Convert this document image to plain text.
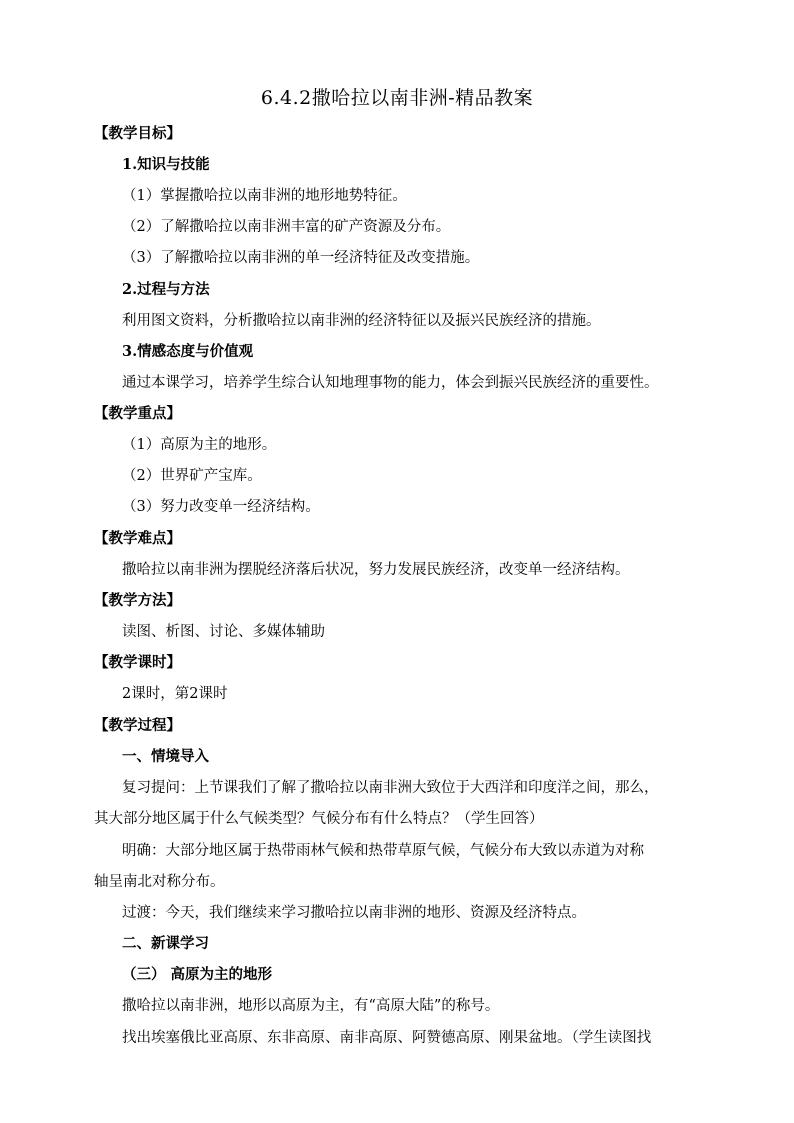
6.4.2撒哈拉以南非洲-精品教案
【教学目标】
1.知识与技能
（1）掌握撒哈拉以南非洲的地形地势特征。
（2）了解撒哈拉以南非洲丰富的矿产资源及分布。
（3）了解撒哈拉以南非洲的单一经济特征及改变措施。
2.过程与方法
利用图文资料，分析撒哈拉以南非洲的经济特征以及振兴民族经济的措施。
3.情感态度与价值观
通过本课学习，培养学生综合认知地理事物的能力，体会到振兴民族经济的重要性。
【教学重点】
（1）高原为主的地形。
（2）世界矿产宝库。
（3）努力改变单一经济结构。
【教学难点】
撒哈拉以南非洲为摆脱经济落后状况，努力发展民族经济，改变单一经济结构。
【教学方法】
读图、析图、讨论、多媒体辅助
【教学课时】
2课时，第2课时
【教学过程】
一、情境导入
复习提问：上节课我们了解了撒哈拉以南非洲大致位于大西洋和印度洋之间，那么，
其大部分地区属于什么气候类型？气候分布有什么特点？（学生回答）
明确：大部分地区属于热带雨林气候和热带草原气候，气候分布大致以赤道为对称
轴呈南北对称分布。
过渡：今天，我们继续来学习撒哈拉以南非洲的地形、资源及经济特点。
二、新课学习
（三） 高原为主的地形
撒哈拉以南非洲，地形以高原为主，有“高原大陆”的称号。
找出埃塞俄比亚高原、东非高原、南非高原、阿赞德高原、刚果盆地。（学生读图找
